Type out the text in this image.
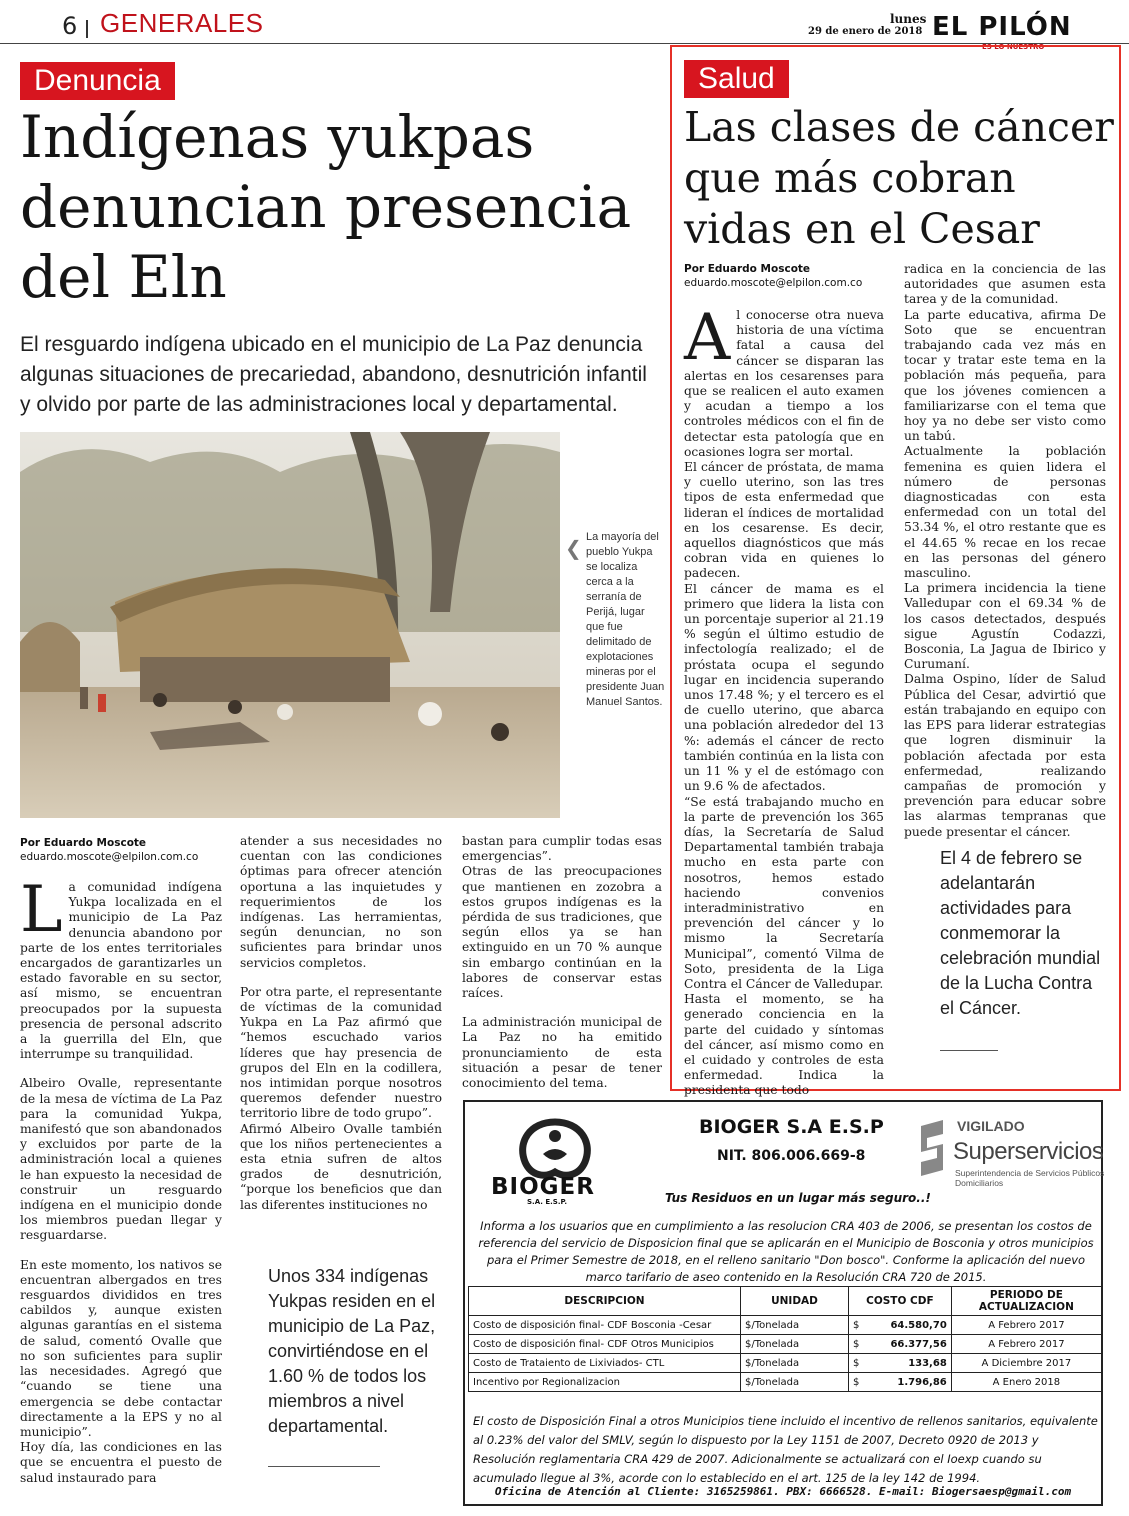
6 GENERALES	lunes
29 de enero de 2018 EL PILÓN
ES LO NUESTRO
Denuncia
Indígenas yukpas
denuncian presencia
del Eln
El resguardo indígena ubicado en el municipio de La Paz denuncia algunas situaciones de precariedad, abandono, desnutrición infantil y olvido por parte de las administraciones local y departamental.
❮ La mayoría del pueblo Yukpa se localiza cerca a la serranía de Perijá, lugar que fue delimitado de explotaciones mineras por el presidente Juan Manuel Santos.
Por Eduardo Moscote
eduardo.moscote@elpilon.com.co

La comunidad indígena Yukpa localizada en el municipio de La Paz denuncia abandono por parte de los entes territoriales encargados de garantizarles un estado favorable en su sector, así mismo, se encuentran preocupados por la supuesta presencia de personal adscrito a la guerrilla del Eln, que interrumpe su tranquilidad.

Albeiro Ovalle, representante de la mesa de víctima de La Paz para la comunidad Yukpa, manifestó que son abandonados y excluidos por parte de la administración local a quienes le han expuesto la necesidad de construir un resguardo indígena en el municipio donde los miembros puedan llegar y resguardarse.

En este momento, los nativos se encuentran albergados en tres resguardos divididos en tres cabildos y, aunque existen algunas garantías en el sistema de salud, comentó Ovalle que no son suficientes para suplir las necesidades. Agregó que “cuando se tiene una emergencia se debe contactar directamente a la EPS y no al municipio”.

Hoy día, las condiciones en las que se encuentra el puesto de salud instaurado para

atender a sus necesidades no cuentan con las condiciones óptimas para ofrecer atención oportuna a las inquietudes y requerimientos de los indígenas. Las herramientas, según denuncian, no son suficientes para brindar unos servicios completos.

Por otra parte, el representante de víctimas de la comunidad Yukpa en La Paz afirmó que “hemos escuchado varios líderes que hay presencia de grupos del Eln en la codillera, nos intimidan porque nosotros queremos defender nuestro territorio libre de todo grupo”.

Afirmó Albeiro Ovalle también que los niños pertenecientes a esta etnia sufren de altos grados de desnutrición, “porque los beneficios que dan las diferentes instituciones no

bastan para cumplir todas esas emergencias”.

Otras de las preocupaciones que mantienen en zozobra a estos grupos indígenas es la pérdida de sus tradiciones, que según ellos ya se han extinguido en un 70 % aunque sin embargo continúan en la labores de conservar estas raíces.

La administración municipal de La Paz no ha emitido pronunciamiento de esta situación a pesar de tener conocimiento del tema.

Unos 334 indígenas Yukpas residen en el municipio de La Paz, convirtiéndose en el 1.60 % de todos los miembros a nivel departamental.
Salud
Las clases de cáncer
que más cobran
vidas en el Cesar
Por Eduardo Moscote
eduardo.moscote@elpilon.com.co

Al conocerse otra nueva historia de una víctima fatal a causa del cáncer se disparan las alertas en los cesarenses para que se realicen el auto examen y acudan a tiempo a los controles médicos con el fin de detectar esta patología que en ocasiones logra ser mortal.

El cáncer de próstata, de mama y cuello uterino, son las tres tipos de esta enfermedad que lideran el índices de mortalidad en los cesarense. Es decir, aquellos diagnósticos que más cobran vida en quienes lo padecen.

El cáncer de mama es el primero que lidera la lista con un porcentaje superior al 21.19 % según el último estudio de infectología realizado; el de próstata ocupa el segundo lugar en incidencia superando unos 17.48 %; y el tercero es el de cuello uterino, que abarca una población alrededor del 13 %: además el cáncer de recto también continúa en la lista con un 11 % y el de estómago con un 9.6 % de afectados.

“Se está trabajando mucho en la parte de prevención los 365 días, la Secretaría de Salud Departamental también trabaja mucho en esta parte con nosotros, hemos estado haciendo convenios interadministrativo en prevención del cáncer y lo mismo la Secretaría Municipal”, comentó Vilma de Soto, presidenta de la Liga Contra el Cáncer de Valledupar.

Hasta el momento, se ha generado conciencia en la parte del cuidado y síntomas del cáncer, así mismo como en el cuidado y controles de esta enfermedad. Indica la presidenta que todo

radica en la conciencia de las autoridades que asumen esta tarea y de la comunidad.

La parte educativa, afirma De Soto que se encuentran trabajando cada vez más en tocar y tratar este tema en la población más pequeña, para que los jóvenes comiencen a familiarizarse con el tema que hoy ya no debe ser visto como un tabú.

Actualmente la población femenina es quien lidera el número de personas diagnosticadas con esta enfermedad con un total del 53.34 %, el otro restante que es el 44.65 % recae en los recae en las personas del género masculino.

La primera incidencia la tiene Valledupar con el 69.34 % de los casos detectados, después sigue Agustín Codazzi, Bosconia, La Jagua de Ibirico y Curumaní.

Dalma Ospino, líder de Salud Pública del Cesar, advirtió que están trabajando en equipo con las EPS para liderar estrategias que logren disminuir la población afectada por esta enfermedad, realizando campañas de promoción y prevención para educar sobre las alarmas tempranas que puede presentar el cáncer.

El 4 de febrero se adelantarán actividades para conmemorar la celebración mundial de la Lucha Contra el Cáncer.
BIOGER
S.A. E.S.P.
BIOGER S.A E.S.P
NIT. 806.006.669-8
Tus Residuos en un lugar más seguro..!
VIGILADO
Superservicios
Superintendencia de Servicios Públicos Domiciliarios
Informa a los usuarios que en cumplimiento a las resolucion CRA 403 de 2006, se presentan los costos de referencia del servicio de Disposicion final que se aplicarán en el Municipio de Bosconia y otros municipios para el Primer Semestre de 2018, en el relleno sanitario "Don bosco". Conforme la aplicación del nuevo marco tarifario de aseo contenido en la Resolución CRA 720 de 2015.
DESCRIPCION	UNIDAD	COSTO CDF		PERIODO DE ACTUALIZACION
Costo de disposición final- CDF Bosconia -Cesar	$/Tonelada	$	64.580,70	A Febrero 2017
Costo de disposición final- CDF Otros Municipios	$/Tonelada	$	66.377,56	A Febrero 2017
Costo de Trataiento de Lixiviados- CTL	$/Tonelada	$	133,68	A Diciembre 2017
Incentivo por Regionalizacion	$/Tonelada	$	1.796,86	A Enero 2018
El costo de Disposición Final a otros Municipios tiene incluido el incentivo de rellenos sanitarios, equivalente al 0.23% del valor del SMLV, según lo dispuesto por la Ley 1151 de 2007, Decreto 0920 de 2013 y Resolución reglamentaria CRA 429 de 2007. Adicionalmente se actualizará con el Ioexp cuando su acumulado llegue al 3%, acorde con lo establecido en el art. 125 de la ley 142 de 1994.
Oficina de Atención al Cliente: 3165259861. PBX: 6666528. E-mail: Biogersaesp@gmail.com
